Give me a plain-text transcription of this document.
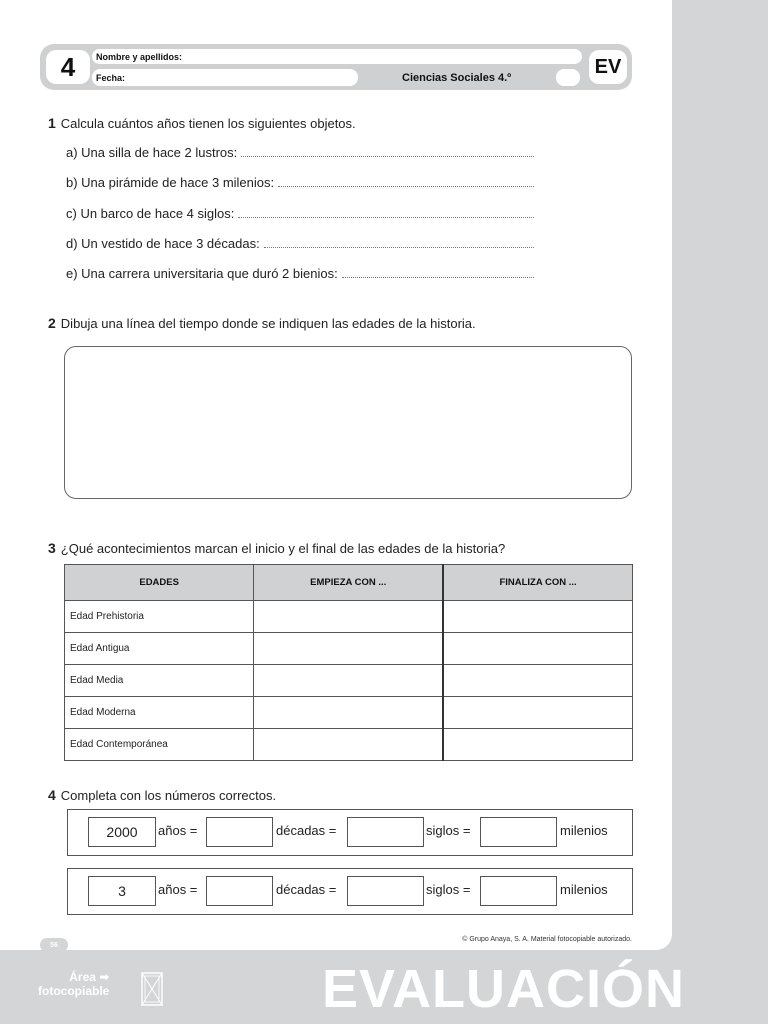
4	Nombre y apellidos:
Fecha:	Ciencias Sociales 4.º	EV
1 Calcula cuántos años tienen los siguientes objetos.
a) Una silla de hace 2 lustros:
b) Una pirámide de hace 3 milenios:
c) Un barco de hace 4 siglos:
d) Un vestido de hace 3 décadas:
e) Una carrera universitaria que duró 2 bienios:
2 Dibuja una línea del tiempo donde se indiquen las edades de la historia.
3 ¿Qué acontecimientos marcan el inicio y el final de las edades de la historia?
EDADES	EMPIEZA CON ...	FINALIZA CON ...
Edad Prehistoria		
Edad Antigua		
Edad Media		
Edad Moderna		
Edad Contemporánea		
4 Completa con los números correctos.
2000	años =	décadas =	siglos =	milenios
3	años =	décadas =	siglos =	milenios
© Grupo Anaya, S. A. Material fotocopiable autorizado.
56
Área ➡
fotocopiable	EVALUACIÓN
